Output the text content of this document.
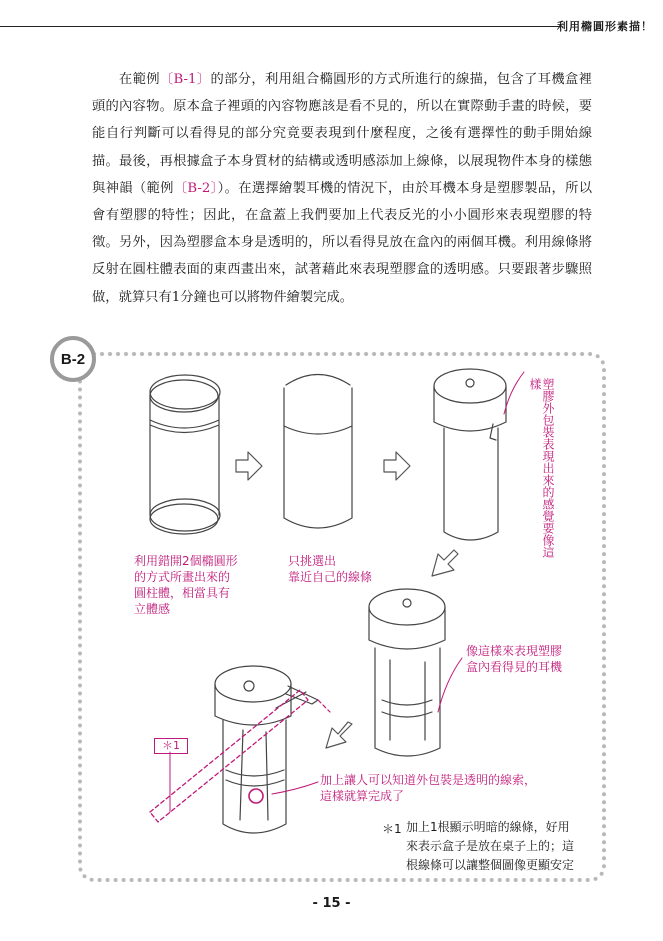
利用橢圓形素描！

在範例〔B-1〕的部分，利用組合橢圓形的方式所進行的線描，包含了耳機盒裡頭的內容物。原本盒子裡頭的內容物應該是看不見的，所以在實際動手畫的時候，要能自行判斷可以看得見的部分究竟要表現到什麼程度，之後有選擇性的動手開始線描。最後，再根據盒子本身質材的結構或透明感添加上線條，以展現物件本身的樣態與神韻（範例〔B-2〕）。在選擇繪製耳機的情況下，由於耳機本身是塑膠製品，所以會有塑膠的特性；因此，在盒蓋上我們要加上代表反光的小小圓形來表現塑膠的特徵。另外，因為塑膠盒本身是透明的，所以看得見放在盒內的兩個耳機。利用線條將反射在圓柱體表面的東西畫出來，試著藉此來表現塑膠盒的透明感。只要跟著步驟照做，就算只有1分鐘也可以將物件繪製完成。

B-2

利用錯開2個橢圓形
的方式所畫出來的
圓柱體，相當具有
立體感

只挑選出
靠近自己的線條

塑膠外包裝表現出來的感覺要像這樣

像這樣來表現塑膠
盒內看得見的耳機

加上讓人可以知道外包裝是透明的線索，
這樣就算完成了

＊1
＊1 加上1根顯示明暗的線條，好用
來表示盒子是放在桌子上的；這
根線條可以讓整個圖像更顯安定

- 15 -
